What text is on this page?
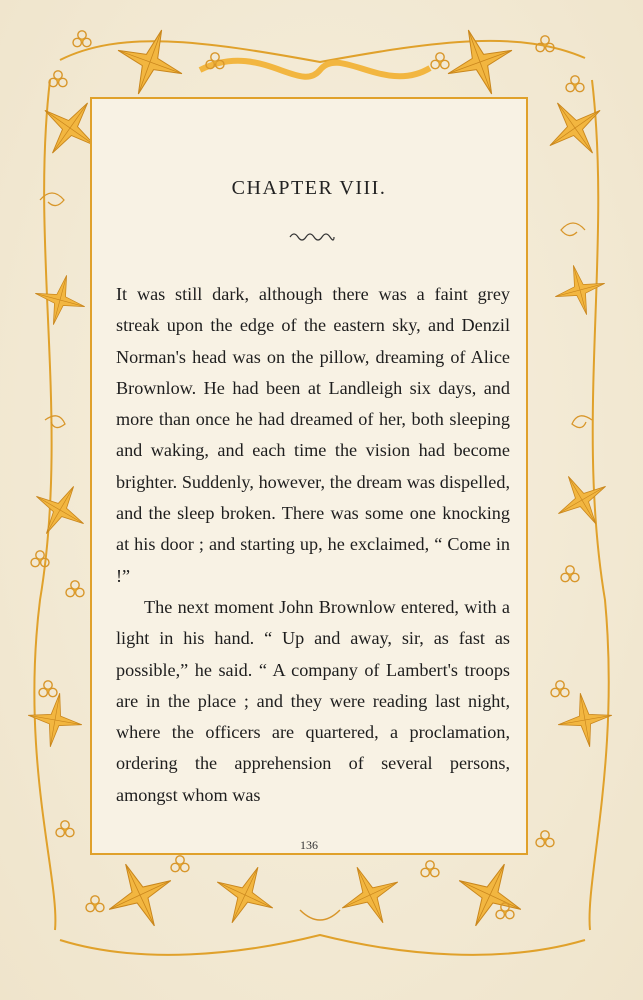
CHAPTER VIII.

It was still dark, although there was a faint grey streak upon the edge of the eastern sky, and Denzil Norman's head was on the pillow, dreaming of Alice Brownlow. He had been at Landleigh six days, and more than once he had dreamed of her, both sleeping and waking, and each time the vision had become brighter. Suddenly, however, the dream was dispelled, and the sleep broken. There was some one knocking at his door ; and starting up, he exclaimed, “ Come in !”

The next moment John Brownlow entered, with a light in his hand. “ Up and away, sir, as fast as possible,” he said. “ A company of Lambert's troops are in the place ; and they were reading last night, where the officers are quartered, a proclamation, ordering the apprehension of several persons, amongst whom was

136
